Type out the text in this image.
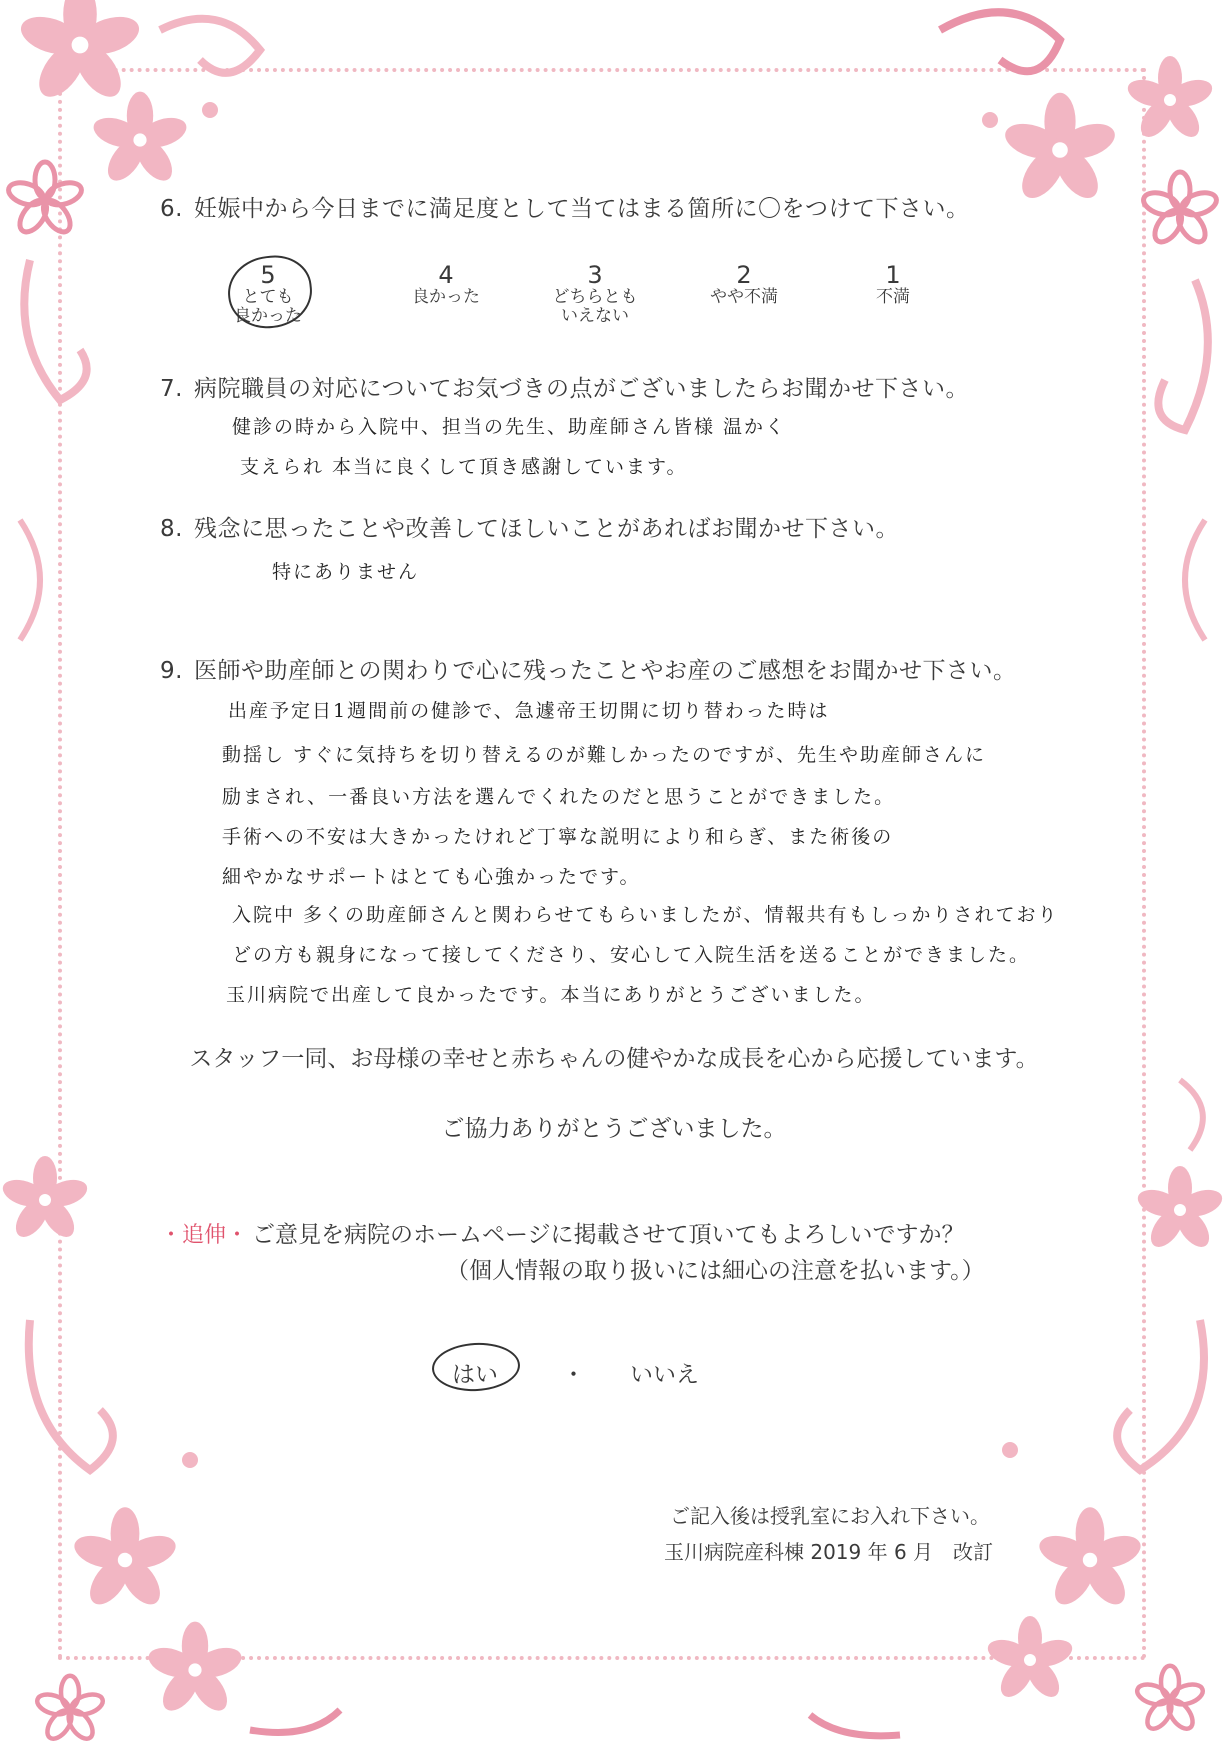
6. 妊娠中から今日までに満足度として当てはまる箇所に〇をつけて下さい。
5
とても
良かった
4
良かった
3
どちらとも
いえない
2
やや不満
1
不満
7. 病院職員の対応についてお気づきの点がございましたらお聞かせ下さい。
健診の時から入院中、担当の先生、助産師さん皆様 温かく
支えられ 本当に良くして頂き感謝しています。
8. 残念に思ったことや改善してほしいことがあればお聞かせ下さい。
特にありません
9. 医師や助産師との関わりで心に残ったことやお産のご感想をお聞かせ下さい。
出産予定日1週間前の健診で、急遽帝王切開に切り替わった時は
動揺し すぐに気持ちを切り替えるのが難しかったのですが、先生や助産師さんに
励まされ、一番良い方法を選んでくれたのだと思うことができました。
手術への不安は大きかったけれど丁寧な説明により和らぎ、また術後の
細やかなサポートはとても心強かったです。
入院中 多くの助産師さんと関わらせてもらいましたが、情報共有もしっかりされており
どの方も親身になって接してくださり、安心して入院生活を送ることができました。
玉川病院で出産して良かったです。本当にありがとうございました。
スタッフ一同、お母様の幸せと赤ちゃんの健やかな成長を心から応援しています。
ご協力ありがとうございました。
・追伸・ ご意見を病院のホームページに掲載させて頂いてもよろしいですか？
（個人情報の取り扱いには細心の注意を払います。）
はい	・ いいえ
ご記入後は授乳室にお入れ下さい。
玉川病院産科棟 2019 年 6 月　改訂
